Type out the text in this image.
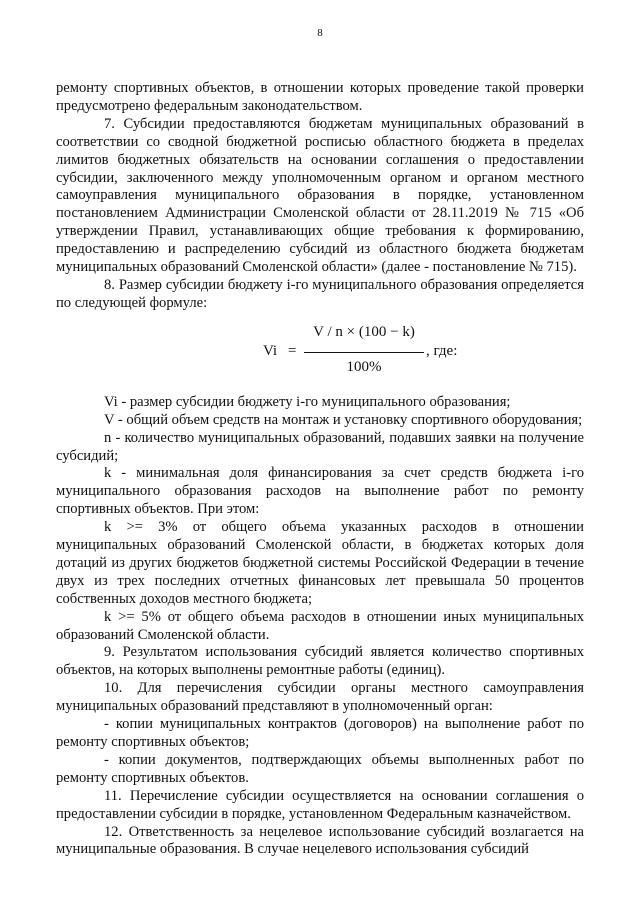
8

ремонту спортивных объектов, в отношении которых проведение такой проверки предусмотрено федеральным законодательством.

7. Субсидии предоставляются бюджетам муниципальных образований в соответствии со сводной бюджетной росписью областного бюджета в пределах лимитов бюджетных обязательств на основании соглашения о предоставлении субсидии, заключенного между уполномоченным органом и органом местного самоуправления муниципального образования в порядке, установленном постановлением Администрации Смоленской области от 28.11.2019 № 715 «Об утверждении Правил, устанавливающих общие требования к формированию, предоставлению и распределению субсидий из областного бюджета бюджетам муниципальных образований Смоленской области» (далее - постановление № 715).

8. Размер субсидии бюджету i-го муниципального образования определяется по следующей формуле:

Vi =
V / n × (100 − k)
100%
, где:

Vi - размер субсидии бюджету i-го муниципального образования;

V - общий объем средств на монтаж и установку спортивного оборудования;

n - количество муниципальных образований, подавших заявки на получение субсидий;

k - минимальная доля финансирования за счет средств бюджета i-го муниципального образования расходов на выполнение работ по ремонту спортивных объектов. При этом:

k >= 3% от общего объема указанных расходов в отношении муниципальных образований Смоленской области, в бюджетах которых доля дотаций из других бюджетов бюджетной системы Российской Федерации в течение двух из трех последних отчетных финансовых лет превышала 50 процентов собственных доходов местного бюджета;

k >= 5% от общего объема расходов в отношении иных муниципальных образований Смоленской области.

9. Результатом использования субсидий является количество спортивных объектов, на которых выполнены ремонтные работы (единиц).

10. Для перечисления субсидии органы местного самоуправления муниципальных образований представляют в уполномоченный орган:

- копии муниципальных контрактов (договоров) на выполнение работ по ремонту спортивных объектов;

- копии документов, подтверждающих объемы выполненных работ по ремонту спортивных объектов.

11. Перечисление субсидии осуществляется на основании соглашения о предоставлении субсидии в порядке, установленном Федеральным казначейством.

12. Ответственность за нецелевое использование субсидий возлагается на муниципальные образования. В случае нецелевого использования субсидий
